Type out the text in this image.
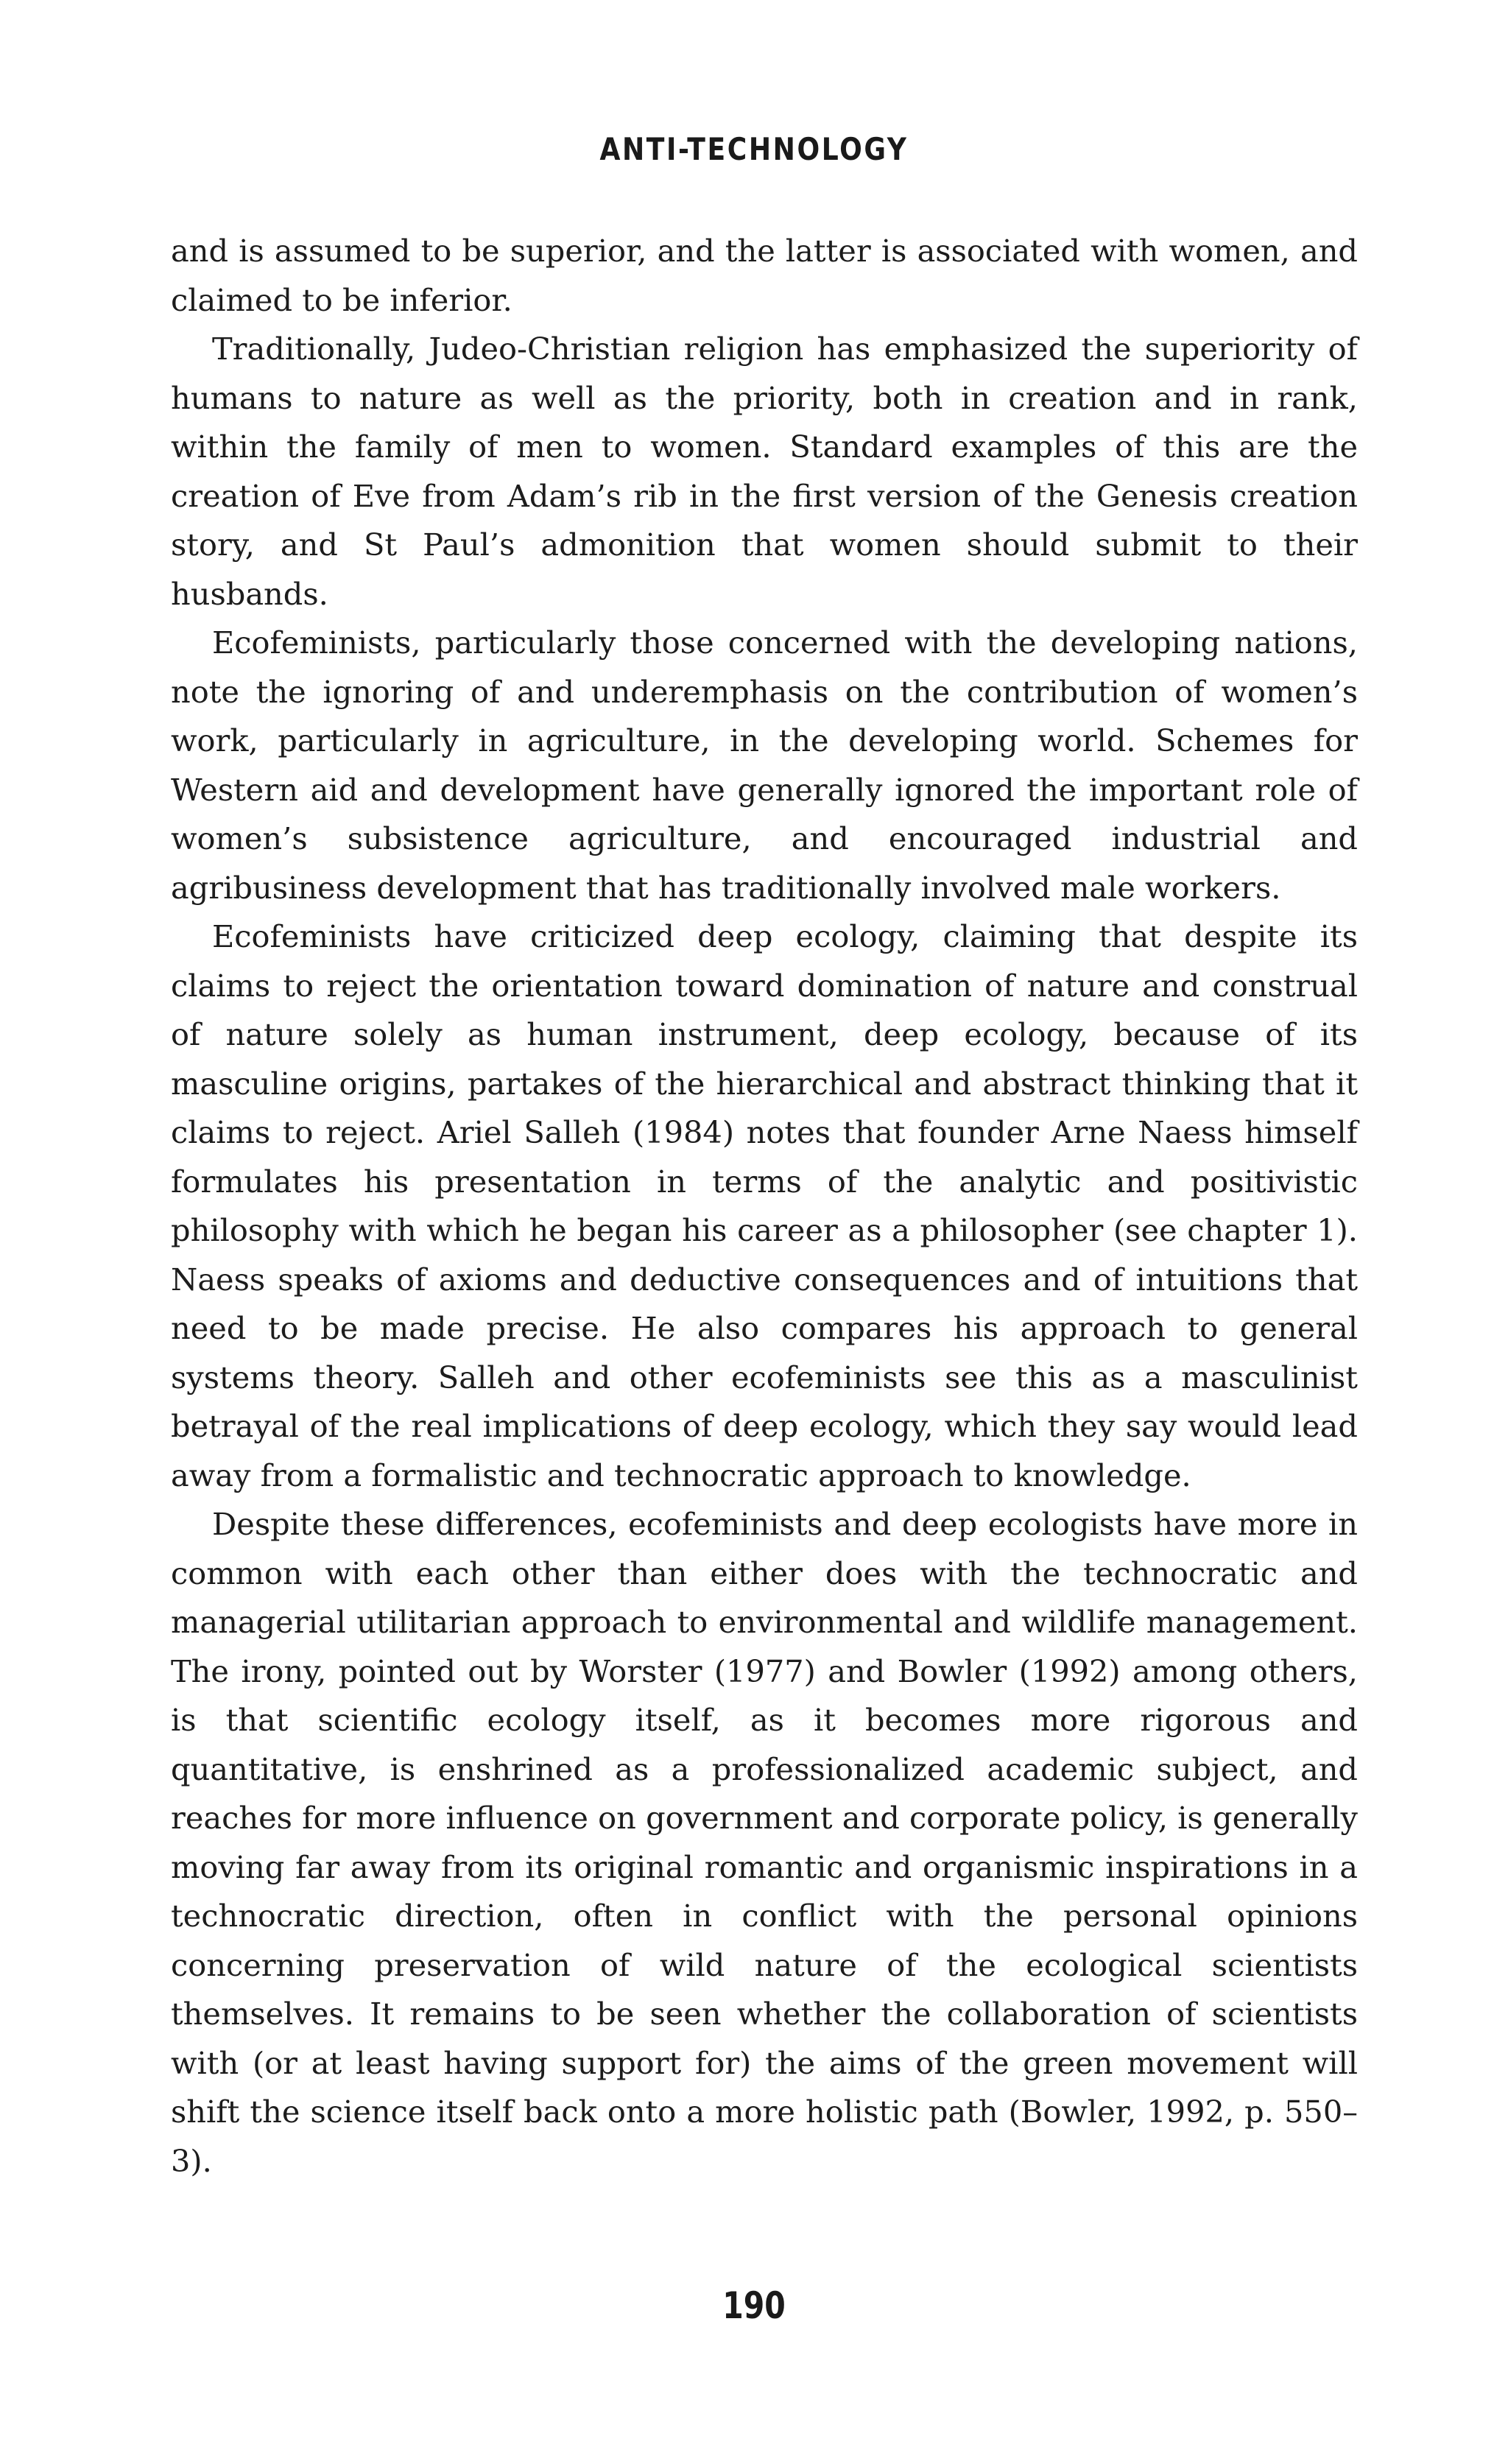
ANTI-TECHNOLOGY

and is assumed to be superior, and the latter is associated with women, and claimed to be inferior.

Traditionally, Judeo-Christian religion has emphasized the superiority of humans to nature as well as the priority, both in creation and in rank, within the family of men to women. Standard examples of this are the creation of Eve from Adam’s rib in the first version of the Genesis creation story, and St Paul’s admonition that women should submit to their husbands.

Ecofeminists, particularly those concerned with the developing nations, note the ignoring of and underemphasis on the contribution of women’s work, particularly in agriculture, in the developing world. Schemes for Western aid and development have generally ignored the important role of women’s subsistence agriculture, and encouraged industrial and agribusiness development that has traditionally involved male workers.

Ecofeminists have criticized deep ecology, claiming that despite its claims to reject the orientation toward domination of nature and construal of nature solely as human instrument, deep ecology, because of its masculine origins, partakes of the hierarchical and abstract thinking that it claims to reject. Ariel Salleh (1984) notes that founder Arne Naess himself formulates his presentation in terms of the analytic and positivistic philosophy with which he began his career as a philosopher (see chapter 1). Naess speaks of axioms and deductive consequences and of intuitions that need to be made precise. He also compares his approach to general systems theory. Salleh and other ecofeminists see this as a masculinist betrayal of the real implications of deep ecology, which they say would lead away from a formalistic and technocratic approach to knowledge.

Despite these differences, ecofeminists and deep ecologists have more in common with each other than either does with the technocratic and managerial utilitarian approach to environmental and wildlife management. The irony, pointed out by Worster (1977) and Bowler (1992) among others, is that scientific ecology itself, as it becomes more rigorous and quantitative, is enshrined as a professionalized academic subject, and reaches for more influence on government and corporate policy, is generally moving far away from its original romantic and organismic inspirations in a technocratic direction, often in conflict with the personal opinions concerning preservation of wild nature of the ecological scientists themselves. It remains to be seen whether the collaboration of scientists with (or at least having support for) the aims of the green movement will shift the science itself back onto a more holistic path (Bowler, 1992, p. 550–3).

190
